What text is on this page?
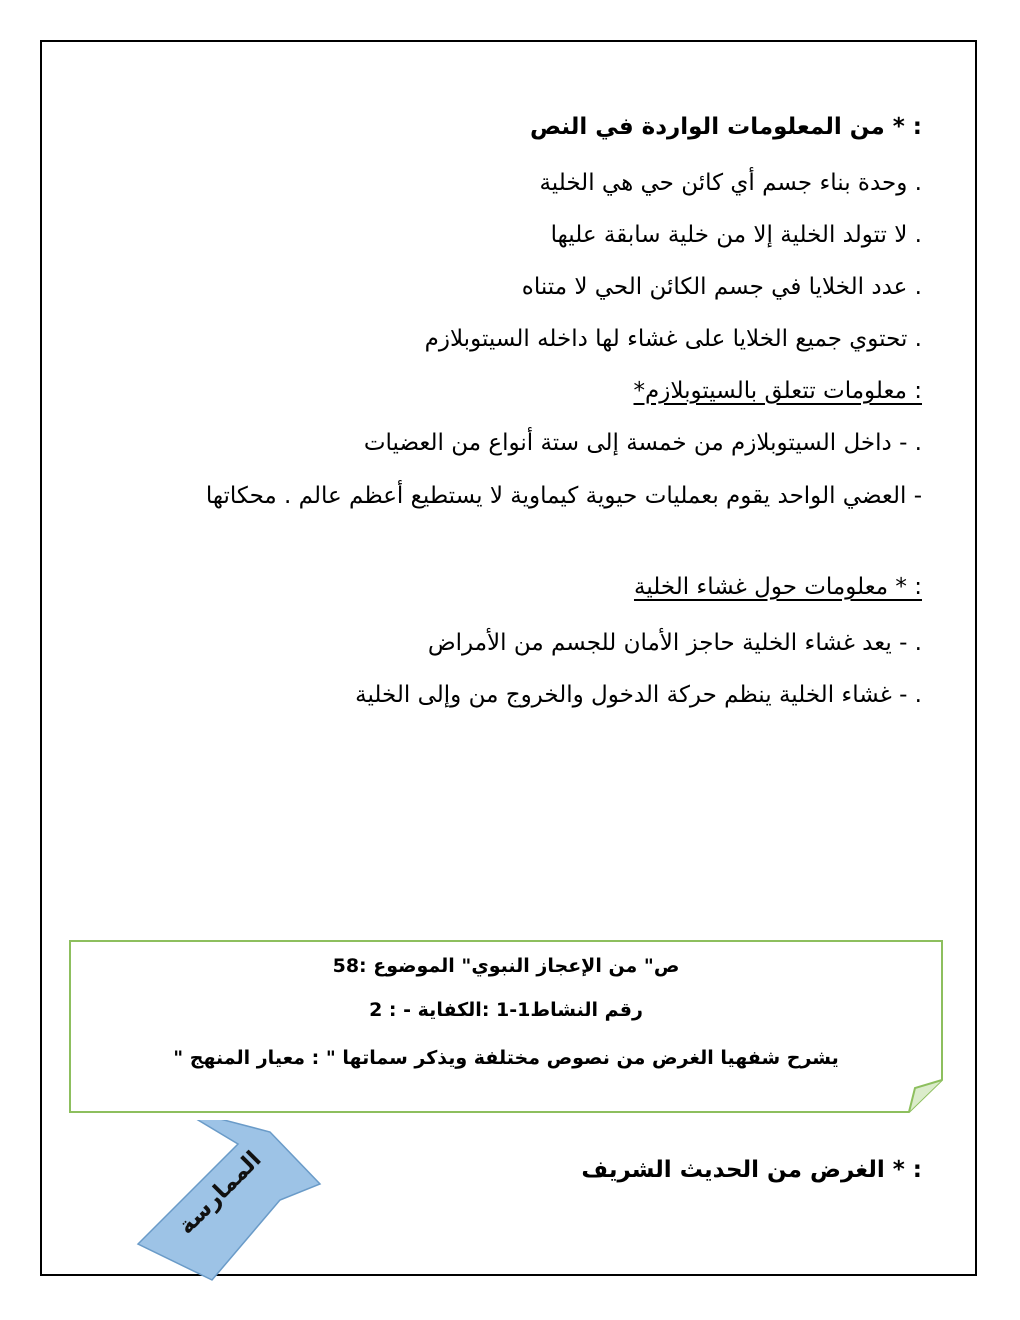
: * من المعلومات الواردة في النص
. وحدة بناء جسم أي كائن حي هي الخلية
. لا تتولد الخلية إلا من خلية سابقة عليها
. عدد الخلايا في جسم الكائن الحي لا متناه
. تحتوي جميع الخلايا على غشاء لها داخله السيتوبلازم
: معلومات تتعلق بالسيتوبلازم*
. - داخل السيتوبلازم من خمسة إلى ستة أنواع من العضيات
- العضي الواحد يقوم بعمليات حيوية كيماوية لا يستطيع أعظم عالم . محكاتها
: * معلومات حول غشاء الخلية
. - يعد غشاء الخلية حاجز الأمان للجسم من الأمراض
. - غشاء الخلية ينظم حركة الدخول والخروج من وإلى الخلية
58: ص" من الإعجاز النبوي" الموضوع
2 : - رقم النشاط1-1 :الكفاية
" يشرح شفهيا الغرض من نصوص مختلفة ويذكر سماتها " : معيار المنهج
: * الغرض من الحديث الشريف
الممارسة
